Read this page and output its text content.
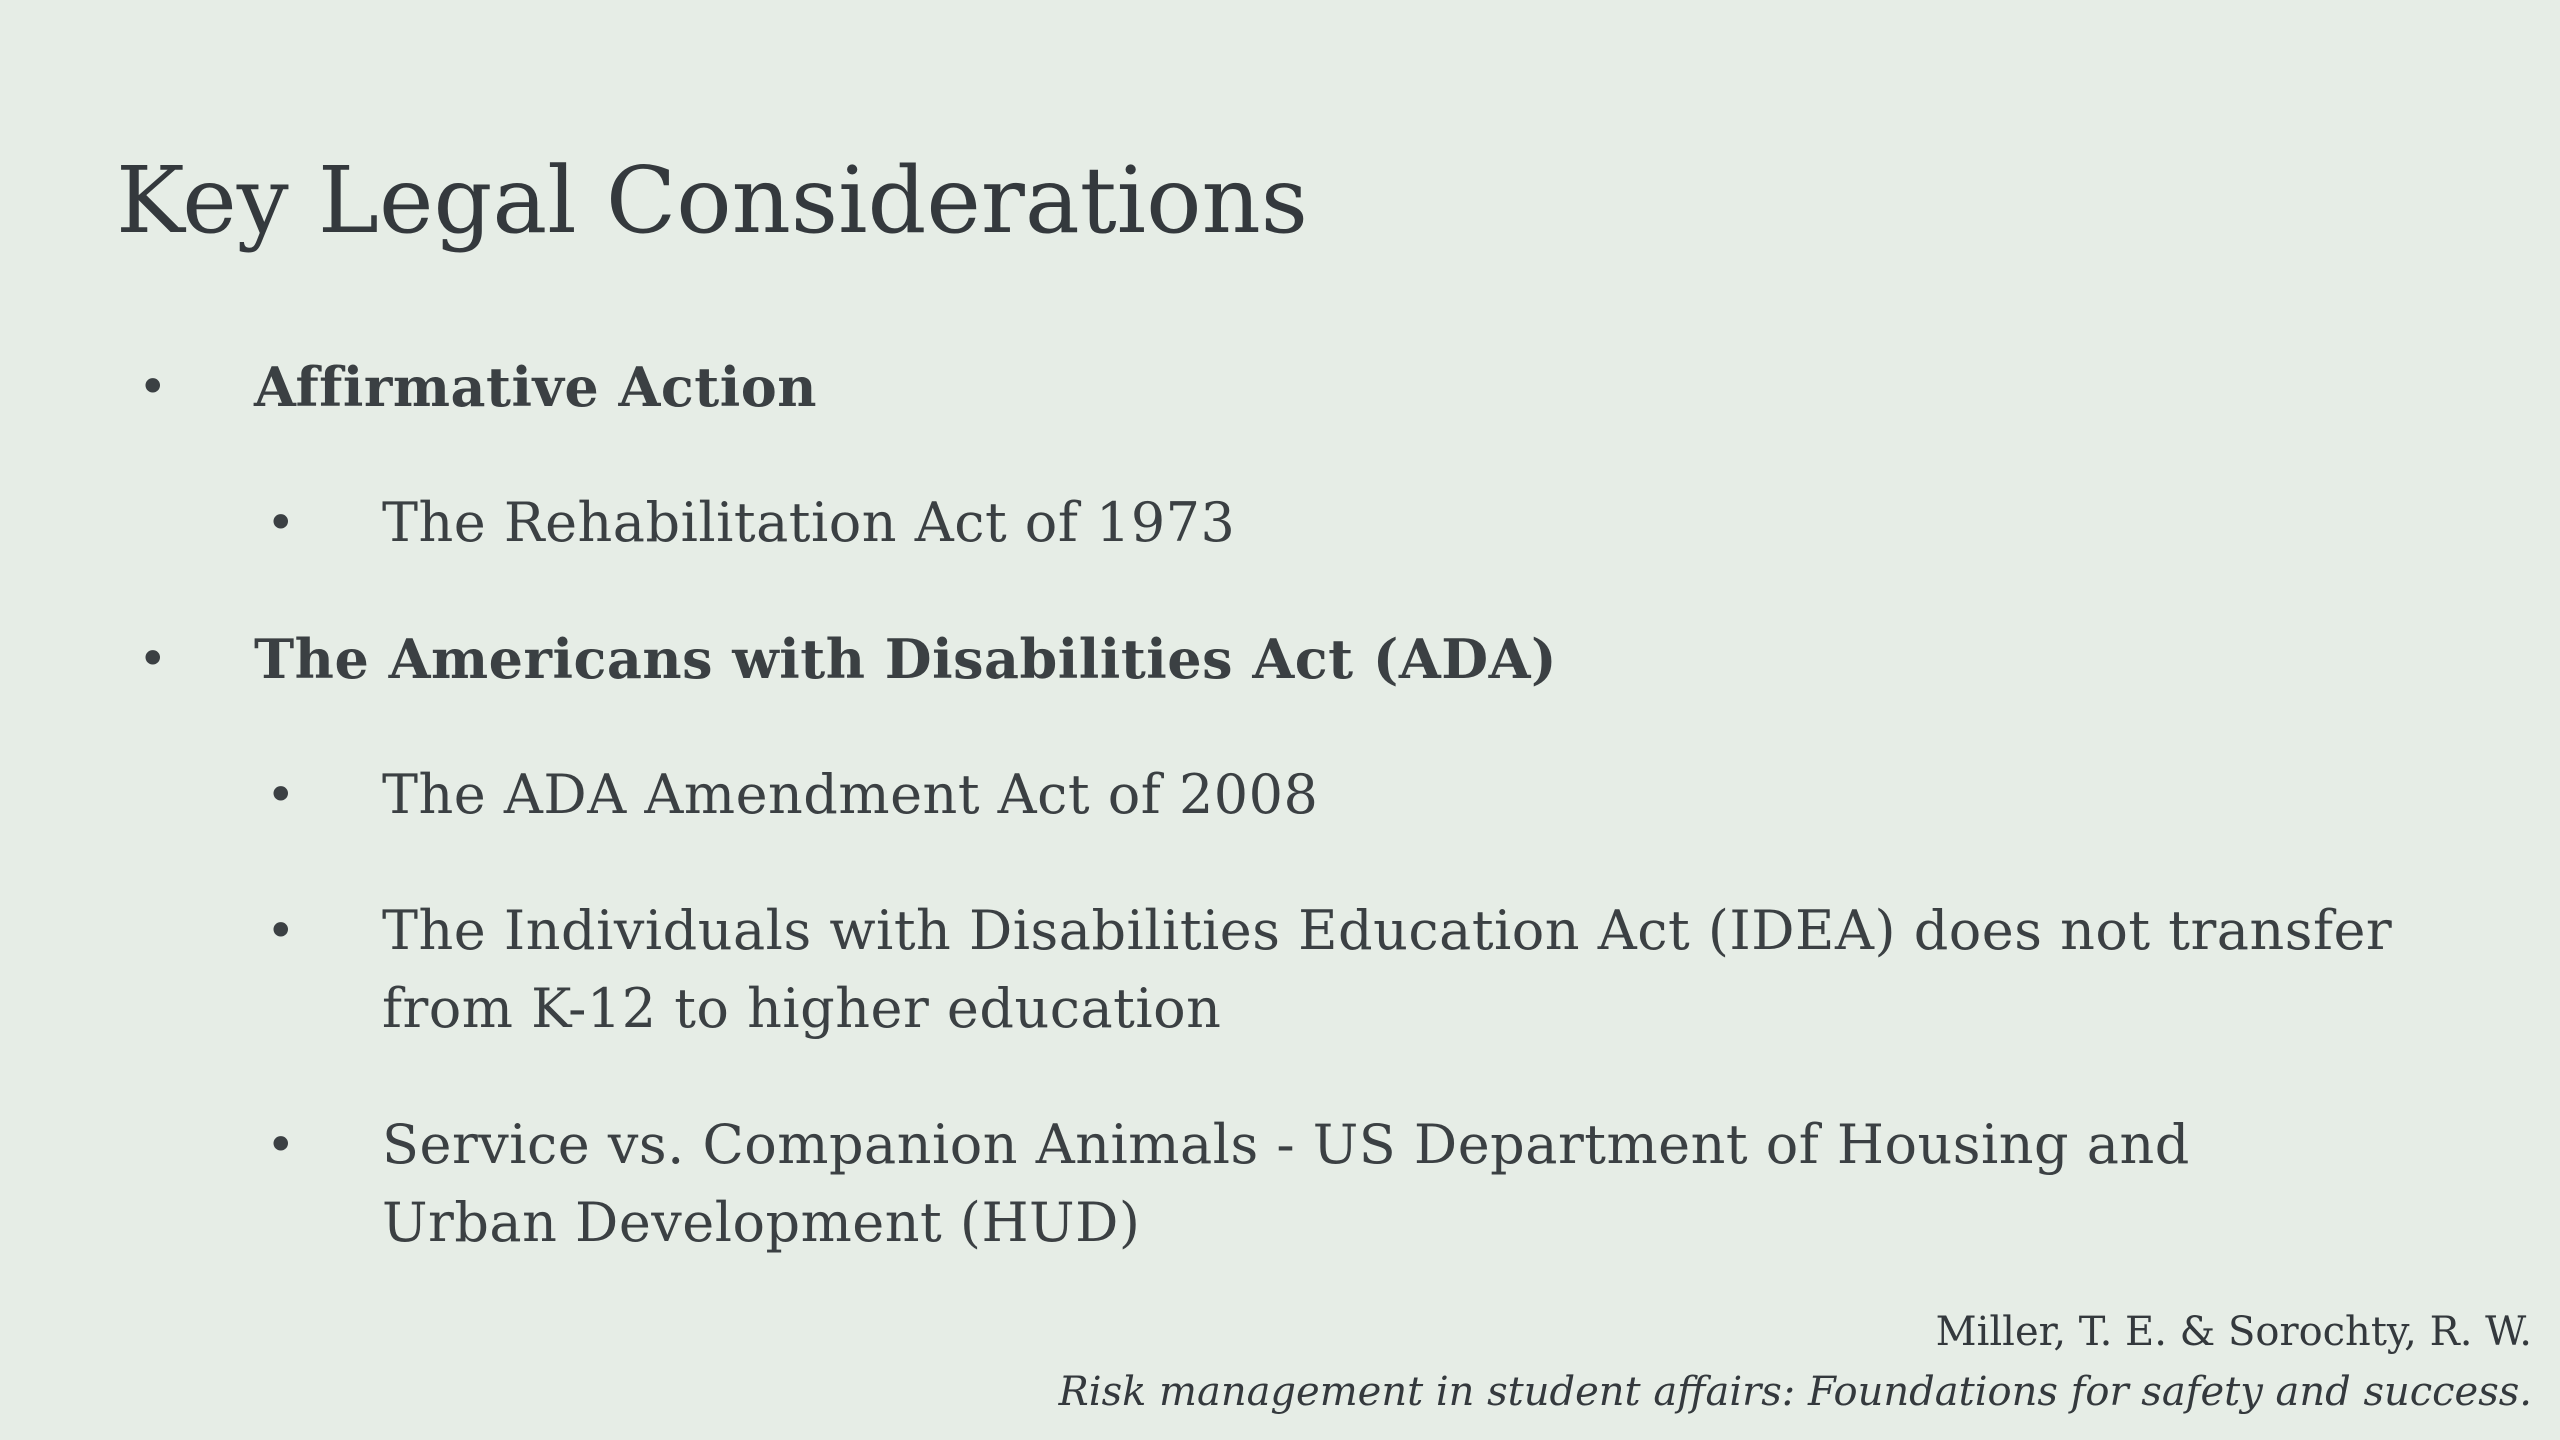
Key Legal Considerations
•	Affirmative Action
•	The Rehabilitation Act of 1973
•	The Americans with Disabilities Act (ADA)
•	The ADA Amendment Act of 2008
•	The Individuals with Disabilities Education Act (IDEA) does not transfer from K-12 to higher education
•	Service vs. Companion Animals - US Department of Housing and Urban Development (HUD)
Miller, T. E. & Sorochty, R. W.
Risk management in student affairs: Foundations for safety and success.
